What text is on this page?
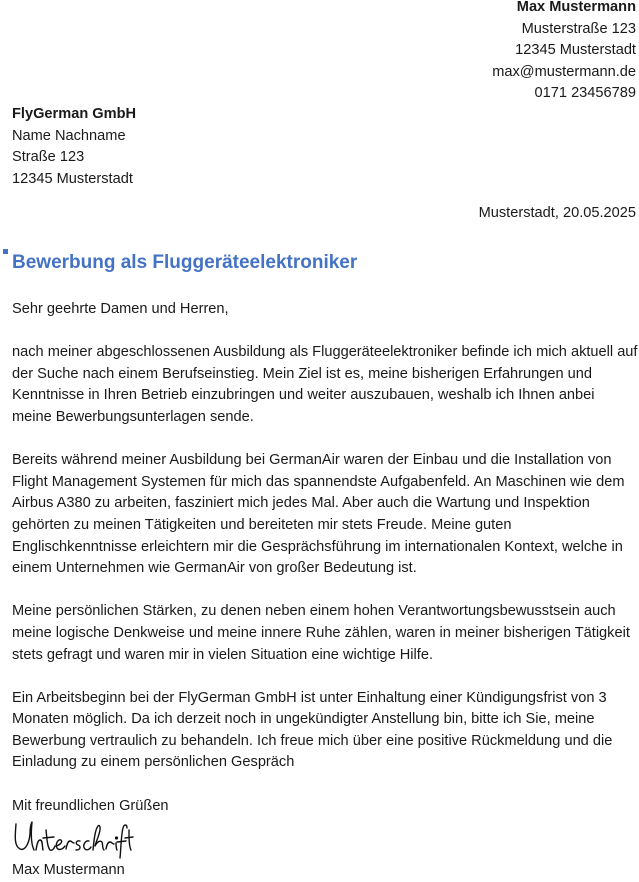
Max Mustermann
Musterstraße 123
12345 Musterstadt
max@mustermann.de
0171 23456789
FlyGerman GmbH
Name Nachname
Straße 123
12345 Musterstadt
Musterstadt, 20.05.2025
Bewerbung als Fluggeräteelektroniker

Sehr geehrte Damen und Herren,

nach meiner abgeschlossenen Ausbildung als Fluggeräteelektroniker befinde ich mich aktuell auf der Suche nach einem Berufseinstieg. Mein Ziel ist es, meine bisherigen Erfahrungen und Kenntnisse in Ihren Betrieb einzubringen und weiter auszubauen, weshalb ich Ihnen anbei meine Bewerbungsunterlagen sende.

Bereits während meiner Ausbildung bei GermanAir waren der Einbau und die Installation von Flight Management Systemen für mich das spannendste Aufgabenfeld. An Maschinen wie dem Airbus A380 zu arbeiten, fasziniert mich jedes Mal. Aber auch die Wartung und Inspektion gehörten zu meinen Tätigkeiten und bereiteten mir stets Freude. Meine guten Englischkenntnisse erleichtern mir die Gesprächsführung im internationalen Kontext, welche in einem Unternehmen wie GermanAir von großer Bedeutung ist.

Meine persönlichen Stärken, zu denen neben einem hohen Verantwortungsbewusstsein auch meine logische Denkweise und meine innere Ruhe zählen, waren in meiner bisherigen Tätigkeit stets gefragt und waren mir in vielen Situation eine wichtige Hilfe.

Ein Arbeitsbeginn bei der FlyGerman GmbH ist unter Einhaltung einer Kündigungsfrist von 3 Monaten möglich. Da ich derzeit noch in ungekündigter Anstellung bin, bitte ich Sie, meine Bewerbung vertraulich zu behandeln. Ich freue mich über eine positive Rückmeldung und die Einladung zu einem persönlichen Gespräch

Mit freundlichen Grüßen

Max Mustermann
